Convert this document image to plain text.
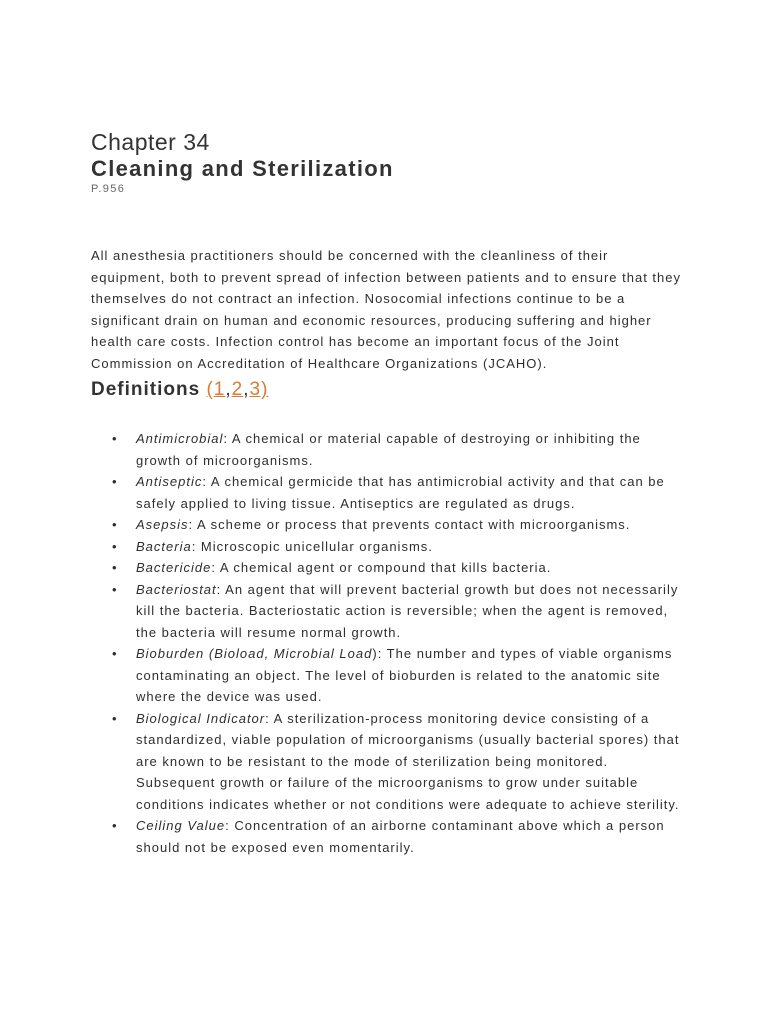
Chapter 34
Cleaning and Sterilization

P.956

All anesthesia practitioners should be concerned with the cleanliness of their equipment, both to prevent spread of infection between patients and to ensure that they themselves do not contract an infection. Nosocomial infections continue to be a significant drain on human and economic resources, producing suffering and higher health care costs. Infection control has become an important focus of the Joint Commission on Accreditation of Healthcare Organizations (JCAHO).

Definitions (1,2,3)
• Antimicrobial: A chemical or material capable of destroying or inhibiting the growth of microorganisms.
• Antiseptic: A chemical germicide that has antimicrobial activity and that can be safely applied to living tissue. Antiseptics are regulated as drugs.
• Asepsis: A scheme or process that prevents contact with microorganisms.
• Bacteria: Microscopic unicellular organisms.
• Bactericide: A chemical agent or compound that kills bacteria.
• Bacteriostat: An agent that will prevent bacterial growth but does not necessarily kill the bacteria. Bacteriostatic action is reversible; when the agent is removed, the bacteria will resume normal growth.
• Bioburden (Bioload, Microbial Load): The number and types of viable organisms contaminating an object. The level of bioburden is related to the anatomic site where the device was used.
• Biological Indicator: A sterilization-process monitoring device consisting of a standardized, viable population of microorganisms (usually bacterial spores) that are known to be resistant to the mode of sterilization being monitored. Subsequent growth or failure of the microorganisms to grow under suitable conditions indicates whether or not conditions were adequate to achieve sterility.
• Ceiling Value: Concentration of an airborne contaminant above which a person should not be exposed even momentarily.
